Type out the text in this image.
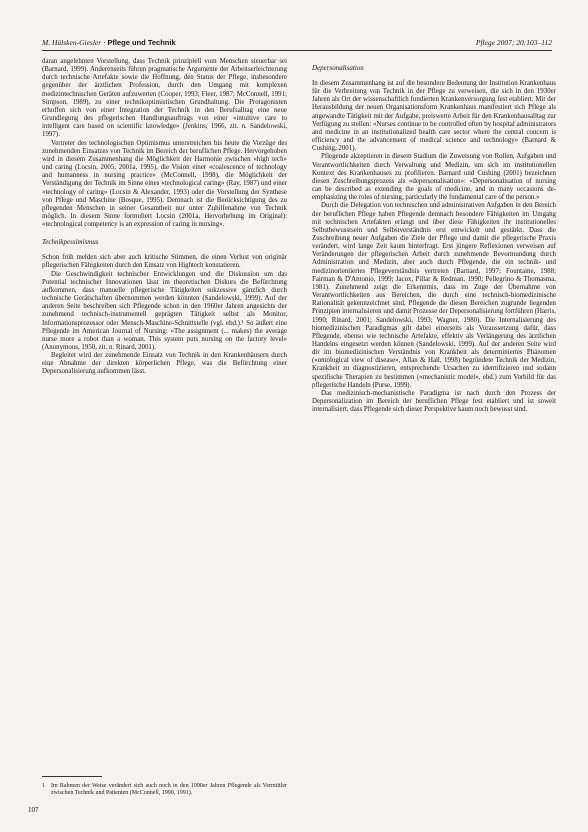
M. Hülsken-Giesler · Pflege und Technik	Pflege 2007; 20:103–112

daran angelehnten Vorstellung, dass Technik prinzipiell vom Menschen steuerbar sei (Barnard, 1999). Anderenseits führen pragmatische Argumente der Arbeitserleichterung durch technische Artefakte sowie die Hoffnung, den Status der Pflege, insbesondere gegenüber der ärztlichen Profession, durch den Umgang mit komplexen medizintechnischen Geräten aufzuwerten (Cooper, 1993; Fleer, 1987; McConnell, 1991; Simpson, 1989), zu einer technikoptimistischen Grundhaltung. Die Protagonisten erhoffen sich von einer Integration der Technik in den Berufsalltag eine neue Grundlegung des pflegerischen Handlungsauftrags von einer «intuitive care to intelligent care based on scientific knowledge» (Jenkins, 1966, zit. n. Sandelowski, 1997).

Vertreter des technologischen Optimismus unterstreichen bis heute die Vorzüge des zunehmenden Einsatzes von Technik im Bereich der beruflichen Pflege. Hervorgehoben wird in diesem Zusammenhang die Möglichkeit der Harmonie zwischen «high tech» und caring (Locsin, 2005, 2001a, 1995), die Vision einer «coalescence of technology and humanness in nursing practice» (McConnell, 1998), die Möglichkeit der Verständigung der Technik im Sinne eines «technological caring» (Ray, 1987) und einer «technology of caring» (Locsin & Alexander, 1993) oder die Vorstellung der Synthese von Pflege und Maschine (Bosque, 1995). Demnach ist die Berücksichtigung des zu pflegenden Menschen in seiner Gesamtheit nur unter Zuhilfenahme von Technik möglich. In diesem Sinne formuliert Locsin (2001a, Hervorhebung im Original): «technological competency is an expression of caring in nursing».

Technikpessimismus

Schon früh melden sich aber auch kritische Stimmen, die einen Verlust von originär pflegerischen Fähigkeiten durch den Einsatz von Hightech konstatieren.

Die Geschwindigkeit technischer Entwicklungen und die Diskussion um das Potential technischer Innovationen lässt im theoretischen Diskurs die Befürchtung aufkommen, dass manuelle pflegerische Tätigkeiten sukzessive gänzlich durch technische Gerätschaften übernommen werden könnten (Sandelowski, 1999). Auf der anderen Seite beschreiben sich Pflegende schon in den 1960er Jahren angesichts der zunehmend technisch-instrumentell geprägten Tätigkeit selbst als Monitor, Informationsprozessor oder Mensch-Maschine-Schnittstelle (vgl. ebd.).¹ So äußert eine Pflegende im American Journal of Nursing: «The assignment (... makes) the average nurse more a robot than a woman. This system puts nursing on the factory level» (Anonymous, 1950, zit. n. Rinard, 2001).

Begleitet wird der zunehmende Einsatz von Technik in den Krankenhäusern durch eine Abnahme der direkten körperlichen Pflege, was die Befürchtung einer Depersonalisierung aufkommen lässt.

Depersonalisation

In diesem Zusammenhang ist auf die besondere Bedeutung der Institution Krankenhaus für die Verbreitung von Technik in der Pflege zu verweisen, die sich in den 1930er Jahren als Ort der wissenschaftlich fundierten Krankenversorgung fest etabliert. Mit der Herausbildung der neuen Organisationsform Krankenhaus manifestiert sich Pflege als angewandte Tätigkeit mit der Aufgabe, preiswerte Arbeit für den Krankenhausalltag zur Verfügung zu stellen: «Nurses continue to be controlled often by hospital administrators and medicine in an institutionalized health care sector where the central concern is efficiency and the advancement of medical science and technology» (Barnard & Cushing, 2001).

Pflegende akzeptieren in diesem Stadium die Zuweisung von Rollen, Aufgaben und Verantwortlichkeiten durch Verwaltung und Medizin, um sich im institutionellen Kontext des Krankenhauses zu profilieren. Barnard und Cushing (2001) bezeichnen diesen Zuschreibungsprozess als «depersonalisation»: «Depersonalisation of nursing can be described as extending the goals of medicine, and in many occasions de-emphasizing the roles of nursing, particularly the fundamental care of the person.»

Durch die Delegation von technischen und administrativen Aufgaben in den Bereich der beruflichen Pflege haben Pflegende demnach besondere Fähigkeiten im Umgang mit technischen Artefakten erlangt und über diese Fähigkeiten ihr institutionelles Selbstbewusstsein und Selbstverständnis erst entwickelt und gestärkt. Dass die Zuschreibung neuer Aufgaben die Ziele der Pflege und damit die pflegerische Praxis verändert, wird lange Zeit kaum hinterfragt. Erst jüngere Reflexionen verweisen auf Veränderungen der pflegerischen Arbeit durch zunehmende Bevormundung durch Administration und Medizin, aber auch durch Pflegende, die ein technik- und medizinorientiertes Pflegeverständnis vertreten (Barnard, 1997; Fountaine, 1988; Fairman & D'Antonio, 1999; Jacox, Pillar & Redman, 1990; Pellegrino & Thomasma, 1981). Zunehmend zeigt die Erkenntnis, dass im Zuge der Übernahme von Verantwortlichkeiten aus Bereichen, die durch eine technisch-biomedizinische Rationalität gekennzeichnet sind, Pflegende die diesen Bereichen zugrunde liegenden Prinzipien internalisieren und damit Prozesse der Depersonalisierung fortführen (Harris, 1990; Rinard, 2001; Sandelowski, 1993; Wagner, 1980). Die Internalisierung des biomedizinischen Paradigmas gilt dabei einerseits als Voraussetzung dafür, dass Pflegende, ebenso wie technische Artefakte, effektiv als Verlängerung des ärztlichen Handelns eingesetzt werden können (Sandelowski, 1999). Auf der anderen Seite wird dir im biomedizinischen Verständnis von Krankheit als determiniertes Phänomen («ontological view of disease», Allan & Hall, 1998) begründete Technik der Medizin, Krankheit zu diagnostizieren, entsprechende Ursachen zu identifizieren und sodann spezifische Therapien zu bestimmen («mechanistic model», ebd.) zum Vorbild für das pflegerische Handeln (Purse, 1999).

Das medizinisch-mechanistische Paradigma ist nach durch den Prozess der Depersonalization im Bereich der beruflichen Pflege fest etabliert und ist soweit internalisiert, dass Pflegende sich dieser Perspektive kaum noch bewusst sind.

1	Im Rahmen der Weise verändert sich auch noch in den 1990er Jahren Pflegende als Vermittler zwischen Technik und Patienten (McConnell, 1990, 1991).
107
